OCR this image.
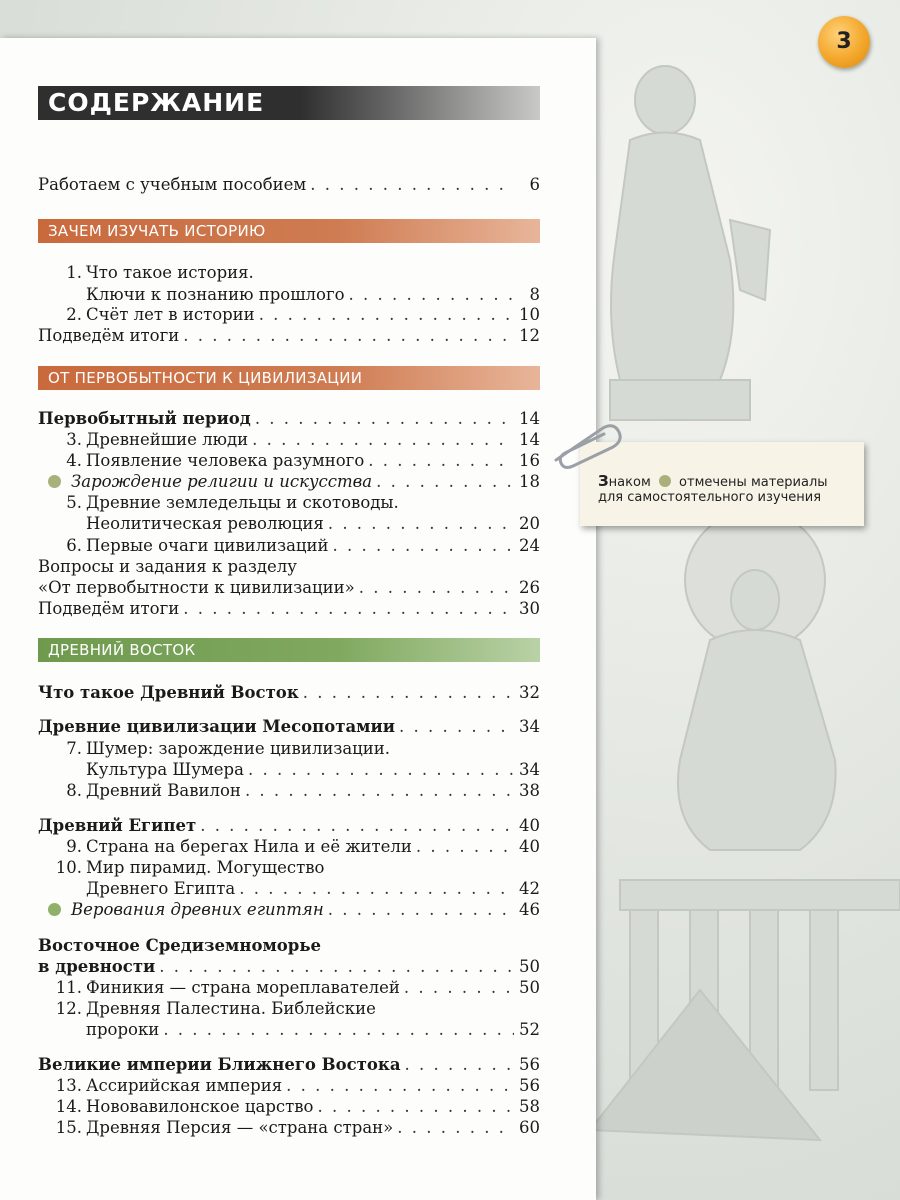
3
СОДЕРЖАНИЕ
Работаем с учебным пособием . . .	6
ЗАЧЕМ ИЗУЧАТЬ ИСТОРИЮ
1. Что такое история.
Ключи к познанию прошлого . . .	8
2. Счёт лет в истории . . .	10
Подведём итоги . . .	12
ОТ ПЕРВОБЫТНОСТИ К ЦИВИЛИЗАЦИИ
Первобытный период . . .	14
3. Древнейшие люди . . .	14
4. Появление человека разумного . . .	16
Зарождение религии и искусства . . .	18
5. Древние земледельцы и скотоводы.
Неолитическая революция . . .	20
6. Первые очаги цивилизаций . . .	24
Вопросы и задания к разделу
«От первобытности к цивилизации» . . .	26
Подведём итоги . . .	30
ДРЕВНИЙ ВОСТОК
Что такое Древний Восток . . .	32
Древние цивилизации Месопотамии . . .	34
7. Шумер: зарождение цивилизации.
Культура Шумера . . .	34
8. Древний Вавилон . . .	38
Древний Египет . . .	40
9. Страна на берегах Нила и её жители . . .	40
10. Мир пирамид. Могущество
Древнего Египта . . .	42
Верования древних египтян . . .	46
Восточное Средиземноморье
в древности . . .	50
11. Финикия — страна мореплавателей . . .	50
12. Древняя Палестина. Библейские
пророки . . .	52
Великие империи Ближнего Востока . . .	56
13. Ассирийская империя . . .	56
14. Нововавилонское царство . . .	58
15. Древняя Персия — «страна стран» . . .	60
Знаком отмечены материалы
для самостоятельного изучения
